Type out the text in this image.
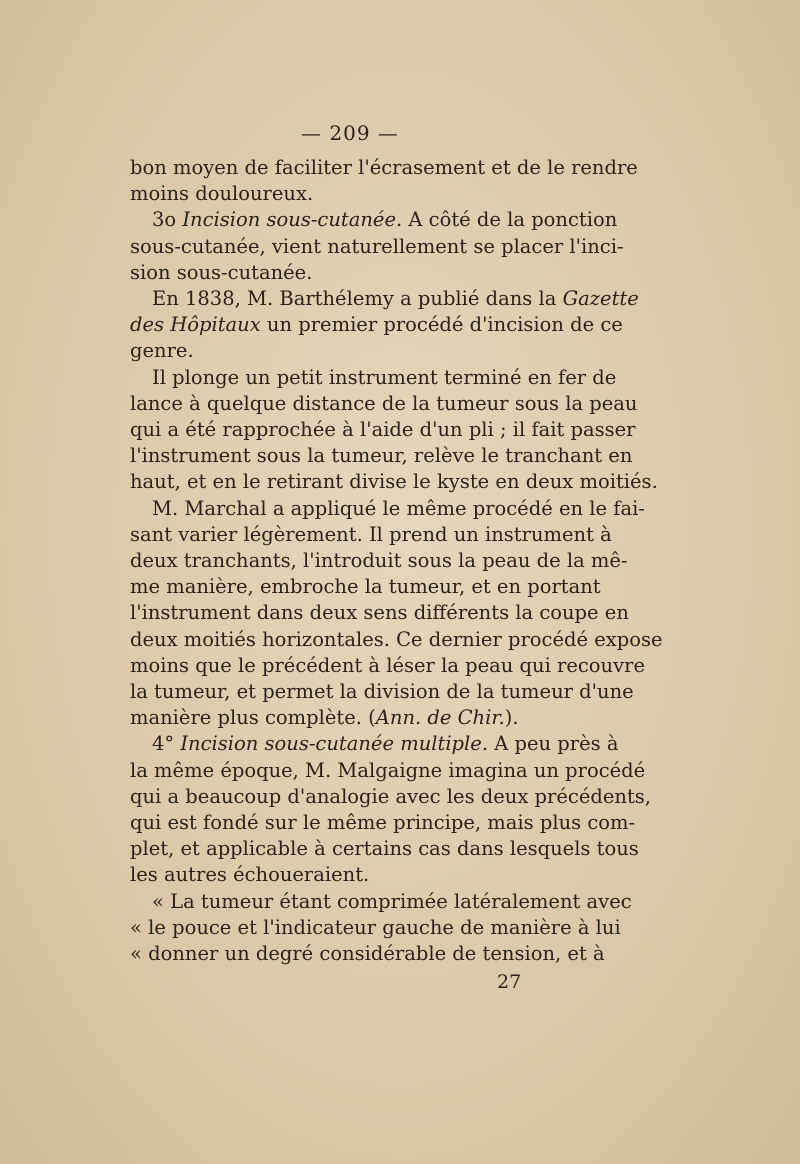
— 209 —
bon moyen de faciliter l'écrasement et de le rendre
moins douloureux.
3o Incision sous-cutanée. A côté de la ponction
sous-cutanée, vient naturellement se placer l'inci-
sion sous-cutanée.
En 1838, M. Barthélemy a publié dans la Gazette
des Hôpitaux un premier procédé d'incision de ce
genre.
Il plonge un petit instrument terminé en fer de
lance à quelque distance de la tumeur sous la peau
qui a été rapprochée à l'aide d'un pli ; il fait passer
l'instrument sous la tumeur, relève le tranchant en
haut, et en le retirant divise le kyste en deux moitiés.
M. Marchal a appliqué le même procédé en le fai-
sant varier légèrement. Il prend un instrument à
deux tranchants, l'introduit sous la peau de la mê-
me manière, embroche la tumeur, et en portant
l'instrument dans deux sens différents la coupe en
deux moitiés horizontales. Ce dernier procédé expose
moins que le précédent à léser la peau qui recouvre
la tumeur, et permet la division de la tumeur d'une
manière plus complète. (Ann. de Chir.).
4° Incision sous-cutanée multiple. A peu près à
la même époque, M. Malgaigne imagina un procédé
qui a beaucoup d'analogie avec les deux précédents,
qui est fondé sur le même principe, mais plus com-
plet, et applicable à certains cas dans lesquels tous
les autres échoueraient.
« La tumeur étant comprimée latéralement avec
« le pouce et l'indicateur gauche de manière à lui
« donner un degré considérable de tension, et à
27
